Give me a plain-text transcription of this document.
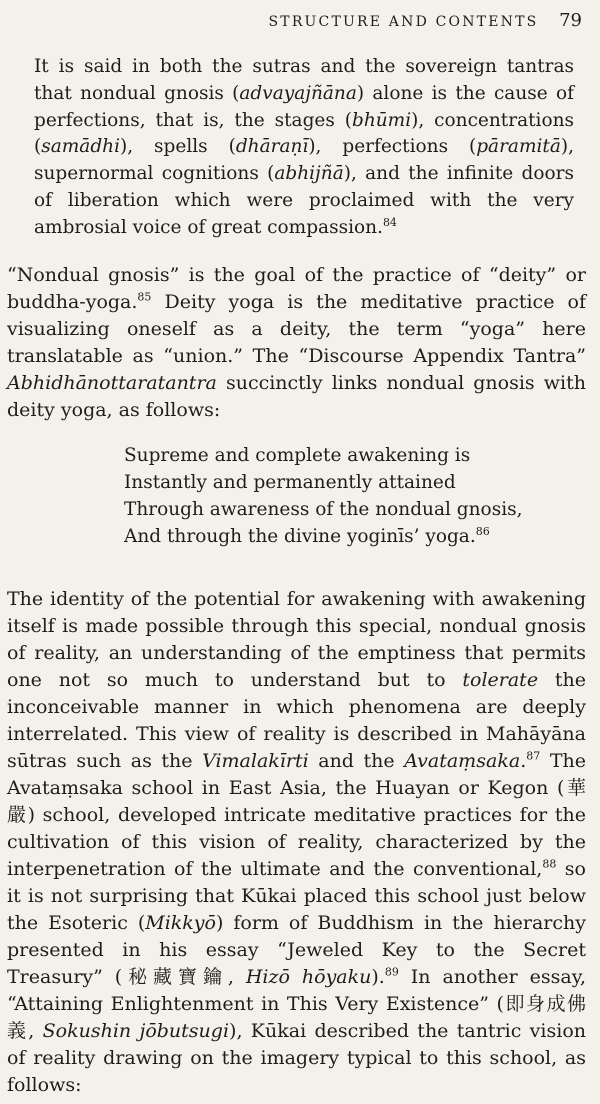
STRUCTURE AND CONTENTS 79

It is said in both the sutras and the sovereign tantras that nondual gnosis (advayajñāna) alone is the cause of perfections, that is, the stages (bhūmi), concentrations (samādhi), spells (dhāraṇī), perfections (pāramitā), supernormal cognitions (abhijñā), and the infinite doors of liberation which were proclaimed with the very ambrosial voice of great compassion.$^{84}$

“Nondual gnosis” is the goal of the practice of “deity” or buddha-yoga.$^{85}$ Deity yoga is the meditative practice of visualizing oneself as a deity, the term “yoga” here translatable as “union.” The “Discourse Appendix Tantra” Abhidhānottaratantra succinctly links nondual gnosis with deity yoga, as follows:

Supreme and complete awakening is
Instantly and permanently attained
Through awareness of the nondual gnosis,
And through the divine yoginīs’ yoga.$^{86}$

The identity of the potential for awakening with awakening itself is made possible through this special, nondual gnosis of reality, an understanding of the emptiness that permits one not so much to understand but to tolerate the inconceivable manner in which phenomena are deeply interrelated. This view of reality is described in Mahāyāna sūtras such as the Vimalakīrti and the Avataṃsaka.$^{87}$ The Avataṃsaka school in East Asia, the Huayan or Kegon (華嚴) school, developed intricate meditative practices for the cultivation of this vision of reality, characterized by the interpenetration of the ultimate and the conventional,$^{88}$ so it is not surprising that Kūkai placed this school just below the Esoteric (Mikkyō) form of Buddhism in the hierarchy presented in his essay “Jeweled Key to the Secret Treasury” (秘藏寶鑰, Hizō hōyaku).$^{89}$ In another essay, “Attaining Enlightenment in This Very Existence” (即身成佛義, Sokushin jōbutsugi), Kūkai described the tantric vision of reality drawing on the imagery typical to this school, as follows:
